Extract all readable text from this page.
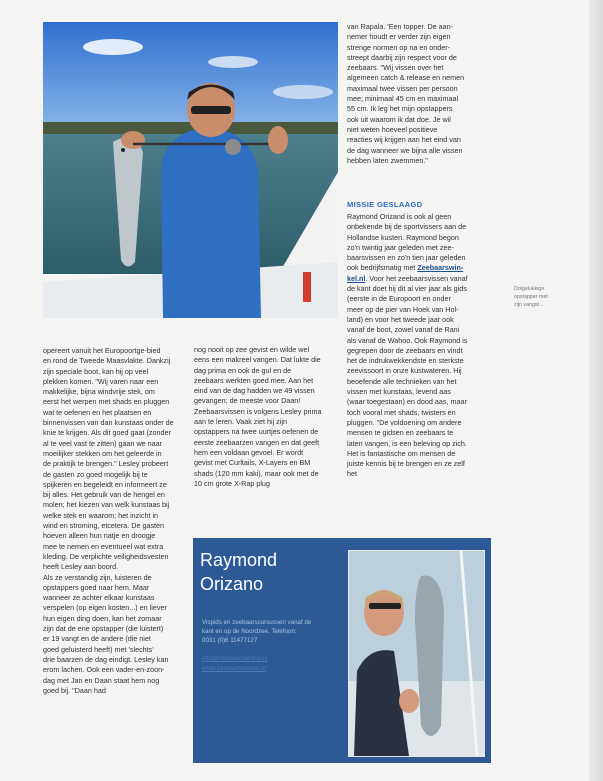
opereert vanuit het Europoortge-bied
en rond de Tweede Maasvlakte. Dankzij
zijn speciale boot, kan hij op veel
plekken komen. "Wij varen naar een
makkelijke, bijna windvrije stek, om
eerst het werpen met shads en pluggen
wat te oefenen en het plaatsen en
binnenvissen van dan kunstaas onder de
knie te krijgen. Als dit goed gaat (zonder
al te veel vast te zitten) gaan we naar
moeilijker stekken om het geleerde in
de praktijk te brengen." Lesley probeert
de gasten zo goed mogelijk bij te
spijkeren en begeleidt en informeert ze
bij alles. Het gebruik van de hengel en
molen; het kiezen van welk kunstaas bij
welke stek en waarom; het inzicht in
wind en stroming, etcetera. De gasten
hoeven alleen hun natje en droogje
mee te nemen en eventueel wat extra
kleding. De verplichte veiligheidsvesten
heeft Lesley aan boord.
Als ze verstandig zijn, luisteren de
opstappers goed naar hem. Maar
wanneer ze achter elkaar kunstaas
verspelen (op eigen kosten...) en liever
hun eigen ding doen, kan het zomaar
zijn dat de ene opstapper (die luistert)
er 19 vangt en de andere (die niet
goed geluisterd heeft) met 'slechts'
drie baarzen de dag eindigt. Lesley kan
erom lachen. Ook een vader-en-zoon-
dag met Jan en Daan staat hem nog
goed bij. "Daan had
nog nooit op zee gevist en wilde wel
eens een makreel vangen. Dat lukte die
dag prima en ook de gul en de
zeebaars werkten goed mee. Aan het
eind van de dag hadden we 49 vissen
gevangen; de meeste voor Daan!
Zeebaarsvissen is volgens Lesley prima
aan te leren. Vaak ziet hij zijn
opstappers na twee uurtjes oefenen de
eerste zeebaarzen vangen en dat geeft
hem een voldaan gevoel. Er wordt
gevist met Curltails, X-Layers en BM
shads (120 mm kaki), maar ook met de
10 cm grote X-Rap plug
van Rapala. 'Een topper. De aan-
nemer houdt er verder zijn eigen
strenge normen op na en onder-
streept daarbij zijn respect voor de
zeebaars. "Wij vissen over het
algemeen catch & release en nemen
maximaal twee vissen per persoon
mee; minimaal 45 cm en maximaal
55 cm. Ik leg het mijn opstappers
ook uit waarom ik dat doe. Je wil
niet weten hoeveel positieve
reacties wij krijgen aan het eind van
de dag wanneer we bijna alle vissen
hebben laten zwemmen."
MISSIE GESLAAGD
Raymond Orizand is ook al geen
onbekende bij de sportvissers aan de
Hollandse kusten. Raymond begon
zo'n twintig jaar geleden met zee-
baarsvissen en zo'n tien jaar geleden
ook bedrijfsmatig met Zeebaarswin-
kel.nl. Voor het zeebaarsvissen vanaf
de kant doet hij dit al vier jaar als gids
(eerste in de Europoort en onder
meer op de pier van Hoek van Hol-
land) en voor het tweede jaar ook
vanaf de boot, zowel vanaf de Rani
als vanaf de Wahoo. Ook Raymond is
gegrepen door de zeebaars en vindt
het de indrukwekkendste en sterkste
zeevissoort in onze kustwateren. Hij
beoefende alle technieken van het
vissen met kunstaas, levend aas
(waar toegestaan) en dood aas, maar
toch vooral met shads, twisters en
pluggen. "De voldoening om andere
mensen te gidsen en zeebaars te
laten vangen, is een beleving op zich.
Het is fantastische om mensen de
juiste kennis bij te brengen en ze zelf
het
Dolgelukkige
opstapper met
zijn vangst...
Raymond
Orizano
Vispids en zeebaarscursussen vanaf de
kant en op de Noordzee. Telefoon:
0031 (0)6 11477127
info@zeebaarswinkel.nl
www.zeebaarswinkel.nl
